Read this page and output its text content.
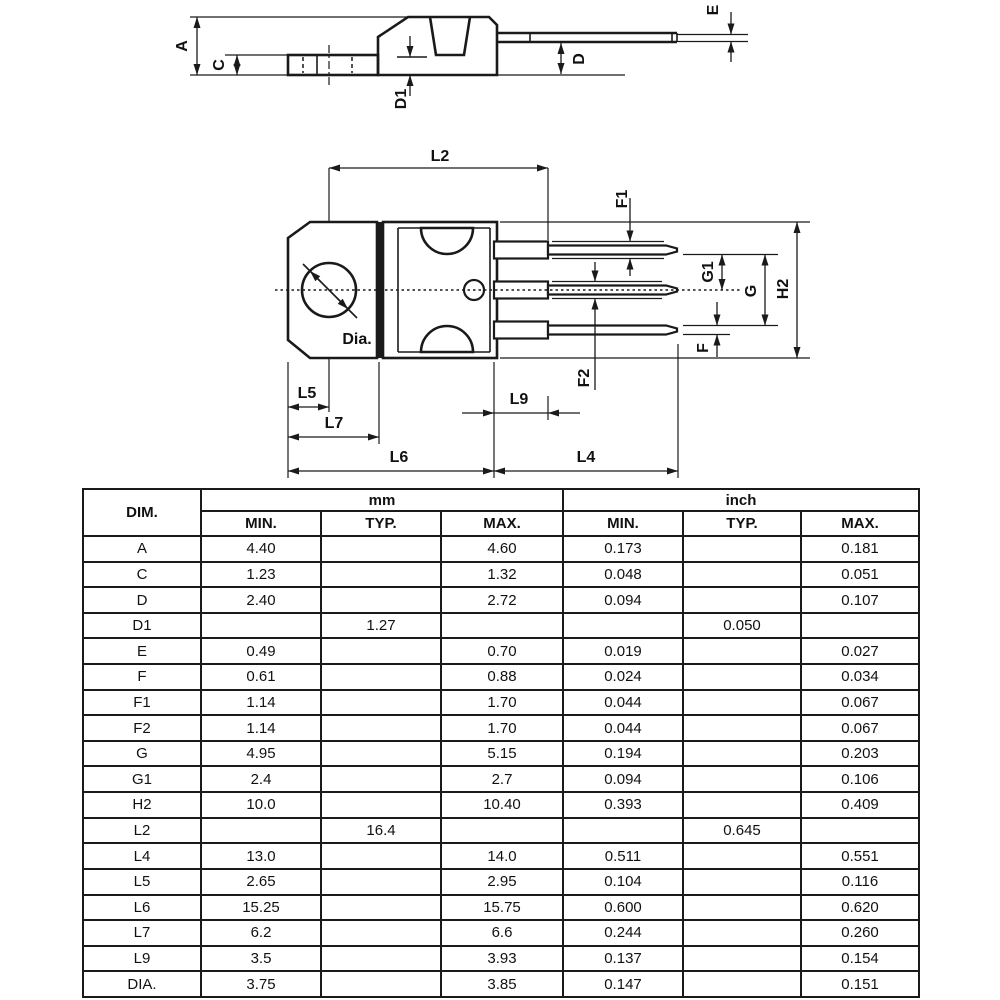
A
C
E
D
D1
L2
Dia.
F1
F2
G1
G H2
F
L5	L9
L7
L6	L4
DIM.	mm			inch		
	MIN.	TYP.	MAX.	MIN.	TYP.	MAX.
A	4.40		4.60	0.173		0.181
C	1.23		1.32	0.048		0.051
D	2.40		2.72	0.094		0.107
D1		1.27			0.050	
E	0.49		0.70	0.019		0.027
F	0.61		0.88	0.024		0.034
F1	1.14		1.70	0.044		0.067
F2	1.14		1.70	0.044		0.067
G	4.95		5.15	0.194		0.203
G1	2.4		2.7	0.094		0.106
H2	10.0		10.40	0.393		0.409
L2		16.4			0.645	
L4	13.0		14.0	0.511		0.551
L5	2.65		2.95	0.104		0.116
L6	15.25		15.75	0.600		0.620
L7	6.2		6.6	0.244		0.260
L9	3.5		3.93	0.137		0.154
DIA.	3.75		3.85	0.147		0.151
